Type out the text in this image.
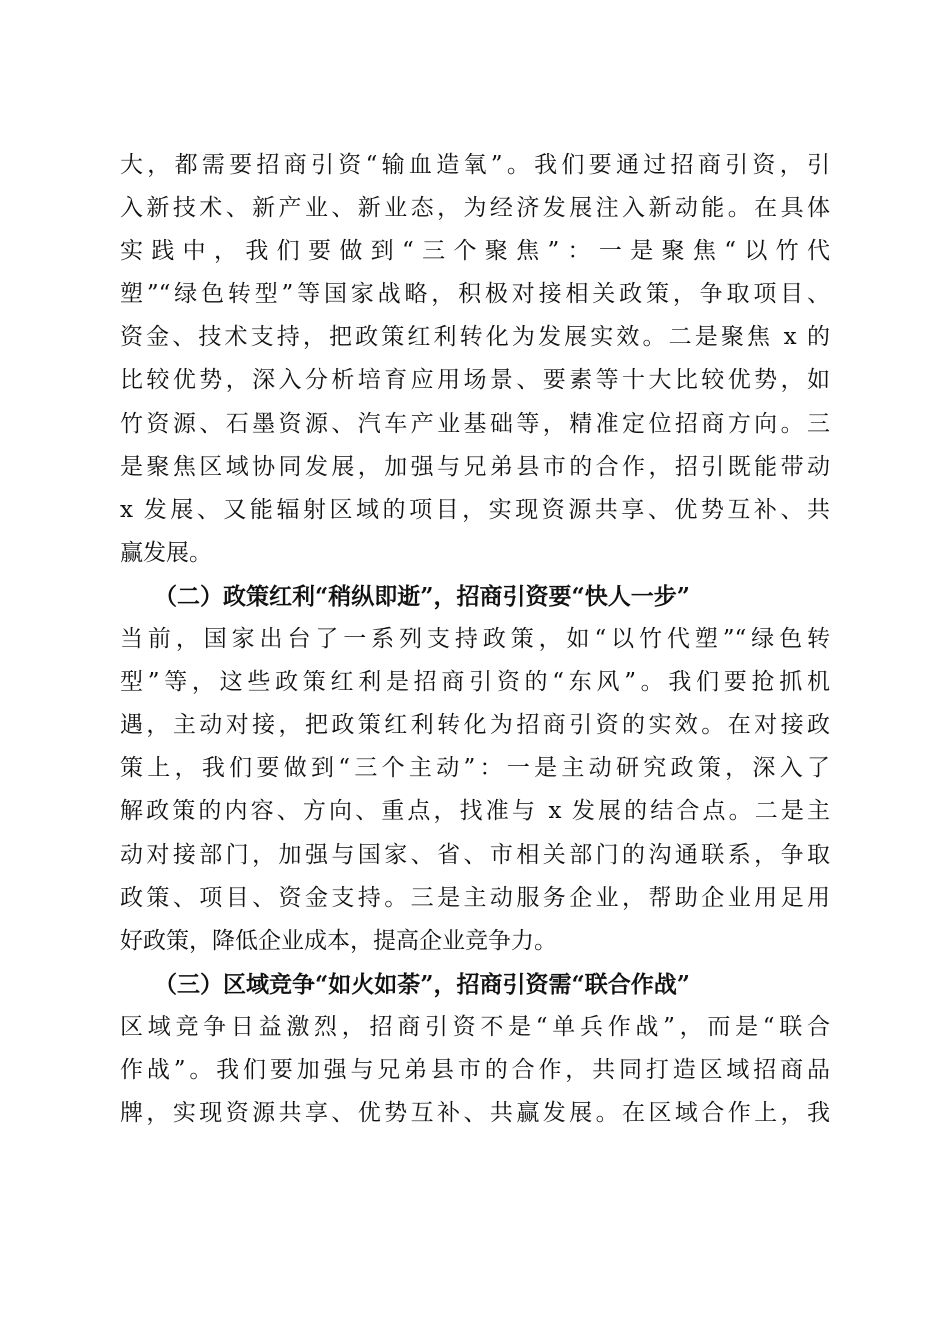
大，都需要招商引资“输血造氧”。我们要通过招商引资，引
入新技术、新产业、新业态，为经济发展注入新动能。在具体
实践中，我们要做到“三个聚焦”：一是聚焦“以竹代
塑”“绿色转型”等国家战略，积极对接相关政策，争取项目、
资金、技术支持，把政策红利转化为发展实效。二是聚焦 x 的
比较优势，深入分析培育应用场景、要素等十大比较优势，如
竹资源、石墨资源、汽车产业基础等，精准定位招商方向。三
是聚焦区域协同发展，加强与兄弟县市的合作，招引既能带动
x 发展、又能辐射区域的项目，实现资源共享、优势互补、共
赢发展。
（二）政策红利“稍纵即逝”，招商引资要“快人一步”
当前，国家出台了一系列支持政策，如“以竹代塑”“绿色转
型”等，这些政策红利是招商引资的“东风”。我们要抢抓机
遇，主动对接，把政策红利转化为招商引资的实效。在对接政
策上，我们要做到“三个主动”：一是主动研究政策，深入了
解政策的内容、方向、重点，找准与 x 发展的结合点。二是主
动对接部门，加强与国家、省、市相关部门的沟通联系，争取
政策、项目、资金支持。三是主动服务企业，帮助企业用足用
好政策，降低企业成本，提高企业竞争力。
（三）区域竞争“如火如荼”，招商引资需“联合作战”
区域竞争日益激烈，招商引资不是“单兵作战”，而是“联合
作战”。我们要加强与兄弟县市的合作，共同打造区域招商品
牌，实现资源共享、优势互补、共赢发展。在区域合作上，我
